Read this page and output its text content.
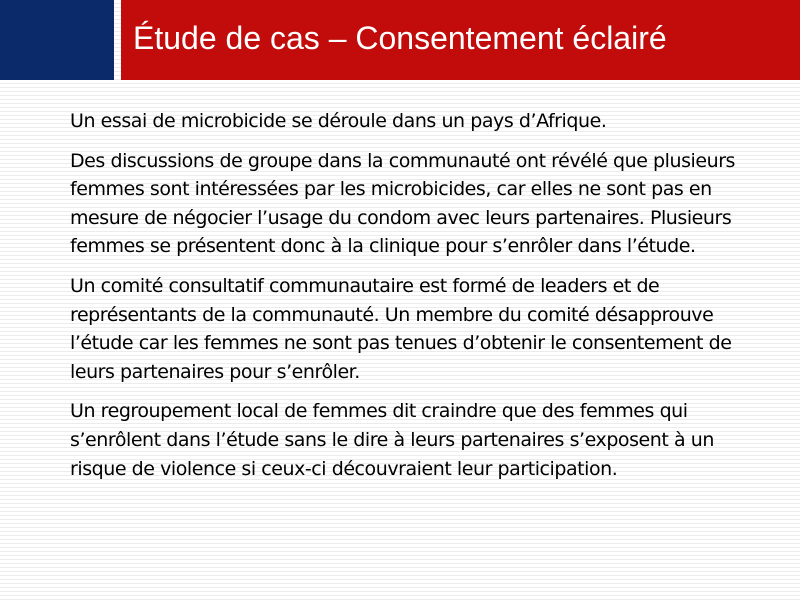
Étude de cas – Consentement éclairé

Un essai de microbicide se déroule dans un pays d’Afrique.

Des discussions de groupe dans la communauté ont révélé que plusieurs femmes sont intéressées par les microbicides, car elles ne sont pas en mesure de négocier l’usage du condom avec leurs partenaires. Plusieurs femmes se présentent donc à la clinique pour s’enrôler dans l’étude.

Un comité consultatif communautaire est formé de leaders et de représentants de la communauté. Un membre du comité désapprouve l’étude car les femmes ne sont pas tenues d’obtenir le consentement de leurs partenaires pour s’enrôler.

Un regroupement local de femmes dit craindre que des femmes qui s’enrôlent dans l’étude sans le dire à leurs partenaires s’exposent à un risque de violence si ceux-ci découvraient leur participation.
